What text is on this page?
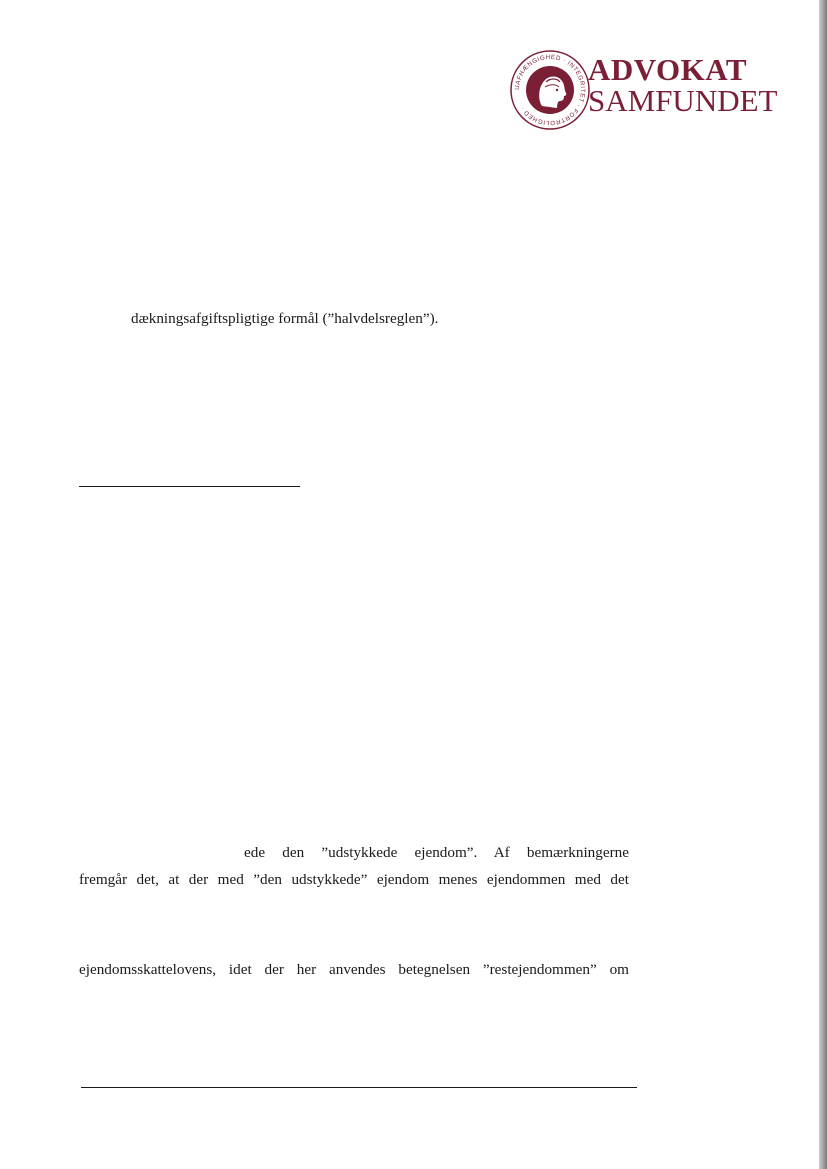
UAFHÆNGIGHED · INTEGRITET · FORTROLIGHED ·
ADVOKAT
SAMFUNDET
dækningsafgiftspligtige formål (”halvdelsreglen”).
ede den ”udstykkede ejendom”. Af bemærkningerne
fremgår det, at der med ”den udstykkede” ejendom menes ejendommen med det
ejendomsskattelovens, idet der her anvendes betegnelsen ”restejendommen” om
